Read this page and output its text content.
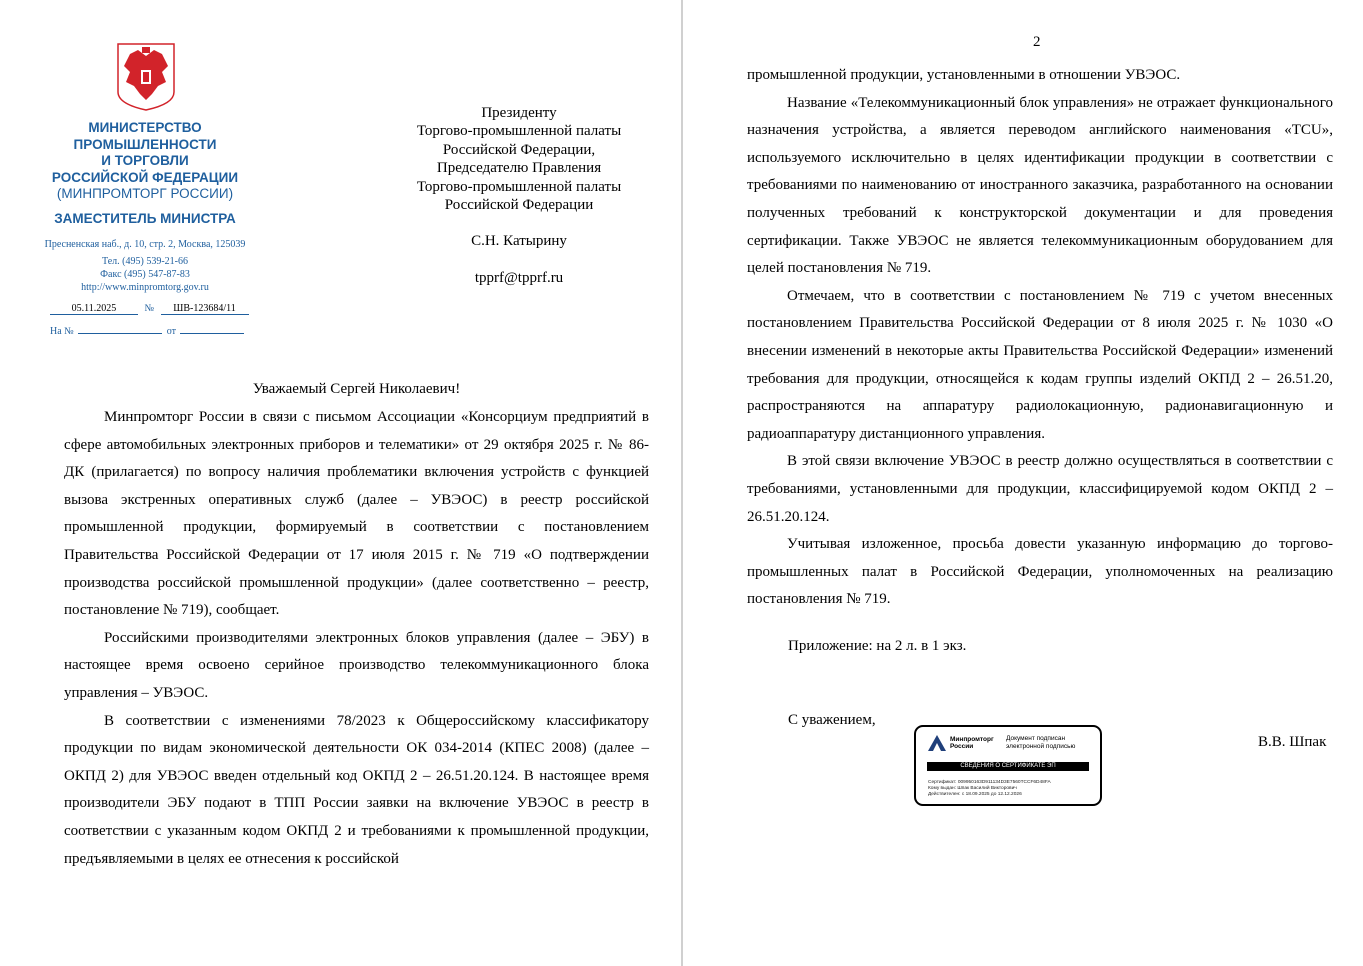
МИНИСТЕРСТВО
ПРОМЫШЛЕННОСТИ
И ТОРГОВЛИ
РОССИЙСКОЙ ФЕДЕРАЦИИ
(МИНПРОМТОРГ РОССИИ)
ЗАМЕСТИТЕЛЬ МИНИСТРА
Пресненская наб., д. 10, стр. 2, Москва, 125039
Тел. (495) 539-21-66
Факс (495) 547-87-83
http://www.minpromtorg.gov.ru
05.11.2025	№ ШВ-123684/11
На №	от
Президенту
Торгово-промышленной палаты
Российской Федерации,
Председателю Правления
Торгово-промышленной палаты
Российской Федерации
С.Н. Катырину
tpprf@tpprf.ru
Уважаемый Сергей Николаевич!

Минпромторг России в связи с письмом Ассоциации «Консорциум предприятий в сфере автомобильных электронных приборов и телематики» от 29 октября 2025 г. № 86-ДК (прилагается) по вопросу наличия проблематики включения устройств с функцией вызова экстренных оперативных служб (далее – УВЭОС) в реестр российской промышленной продукции, формируемый в соответствии с постановлением Правительства Российской Федерации от 17 июля 2015 г. № 719 «О подтверждении производства российской промышленной продукции» (далее соответственно – реестр, постановление № 719), сообщает.

Российскими производителями электронных блоков управления (далее – ЭБУ) в настоящее время освоено серийное производство телекоммуникационного блока управления – УВЭОС.

В соответствии с изменениями 78/2023 к Общероссийскому классификатору продукции по видам экономической деятельности ОК 034-2014 (КПЕС 2008) (далее – ОКПД 2) для УВЭОС введен отдельный код ОКПД 2 – 26.51.20.124. В настоящее время производители ЭБУ подают в ТПП России заявки на включение УВЭОС в реестр в соответствии с указанным кодом ОКПД 2 и требованиями к промышленной продукции, предъявляемыми в целях ее отнесения к российской

2

промышленной продукции, установленными в отношении УВЭОС.

Название «Телекоммуникационный блок управления» не отражает функционального назначения устройства, а является переводом английского наименования «TCU», используемого исключительно в целях идентификации продукции в соответствии с требованиями по наименованию от иностранного заказчика, разработанного на основании полученных требований к конструкторской документации и для проведения сертификации. Также УВЭОС не является телекоммуникационным оборудованием для целей постановления № 719.

Отмечаем, что в соответствии с постановлением № 719 с учетом внесенных постановлением Правительства Российской Федерации от 8 июля 2025 г. № 1030 «О внесении изменений в некоторые акты Правительства Российской Федерации» изменений требования для продукции, относящейся к кодам группы изделий ОКПД 2 – 26.51.20, распространяются на аппаратуру радиолокационную, радионавигационную и радиоаппаратуру дистанционного управления.

В этой связи включение УВЭОС в реестр должно осуществляться в соответствии с требованиями, установленными для продукции, классифицируемой кодом ОКПД 2 – 26.51.20.124.

Учитывая изложенное, просьба довести указанную информацию до торгово-промышленных палат в Российской Федерации, уполномоченных на реализацию постановления № 719.

Приложение: на 2 л. в 1 экз.
С уважением,
В.В. Шпак
Минпромторг
России
Документ подписан
электронной подписью
СВЕДЕНИЯ О СЕРТИФИКАТЕ ЭП
Сертификат: 009950163D911134D3E7560TCCF6D48FA
Кому выдан: Шпак Василий Викторович
Действителен: с 18.09.2025 до 12.12.2026
